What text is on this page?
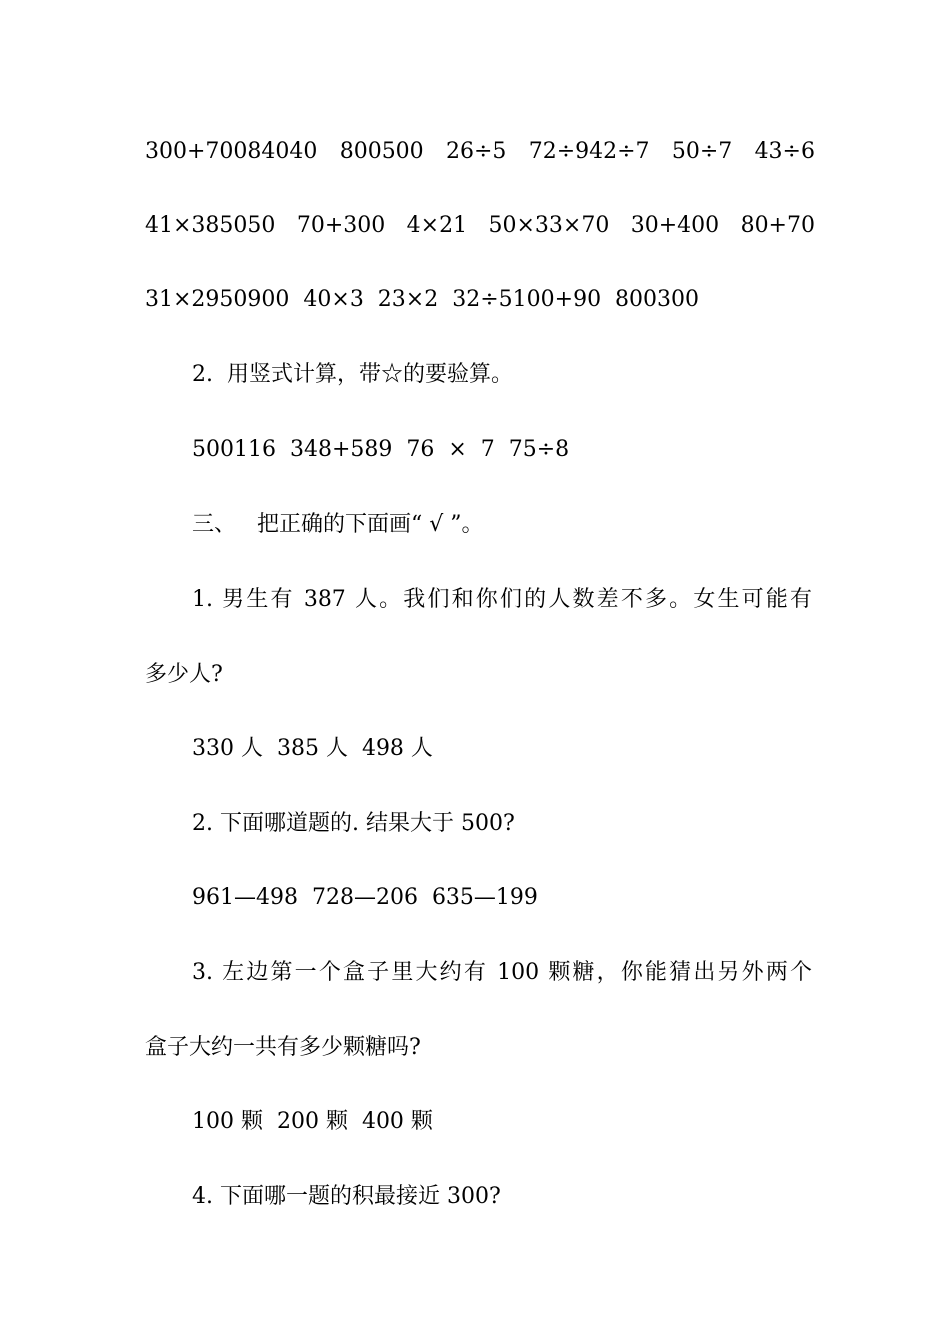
300+70084040 800500 26÷5 72÷942÷7 50÷7 43÷6
41×385050 70+300 4×21 50×33×70 30+400 80+70
31×2950900  40×3  23×2  32÷5100+90  800300
2.  用竖式计算，带☆的要验算。
500116  348+589  76  ×  7  75÷8
三、   把正确的下面画“ √ ”。
1. 男生有 387 人。我们和你们的人数差不多。女生可能有
多少人?
330 人  385 人  498 人
2. 下面哪道题的. 结果大于 500?
961—498  728—206  635—199
3. 左边第一个盒子里大约有 100 颗糖，你能猜出另外两个
盒子大约一共有多少颗糖吗?
100 颗  200 颗  400 颗
4. 下面哪一题的积最接近 300?
